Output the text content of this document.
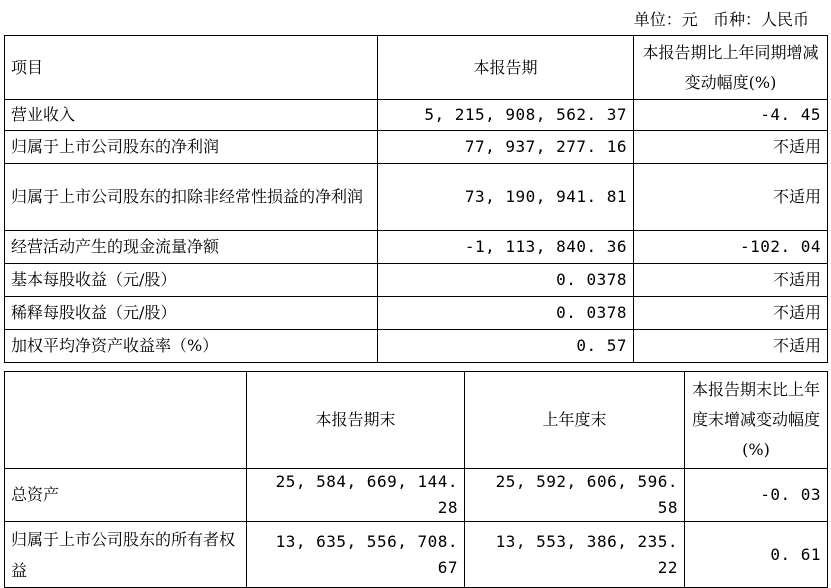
单位：元   币种：人民币
项目	本报告期	本报告期比上年同期增减变动幅度(%)
营业收入	5, 215, 908, 562. 37	-4. 45
归属于上市公司股东的净利润	77, 937, 277. 16	不适用
归属于上市公司股东的扣除非经常性损益的净利润	73, 190, 941. 81	不适用
经营活动产生的现金流量净额	-1, 113, 840. 36	-102. 04
基本每股收益（元/股）	0. 0378	不适用
稀释每股收益（元/股）	0. 0378	不适用
加权平均净资产收益率（%）	0. 57	不适用
	本报告期末	上年度末	本报告期末比上年度末增减变动幅度(%)
总资产	25, 584, 669, 144. 28	25, 592, 606, 596. 58	-0. 03
归属于上市公司股东的所有者权益	13, 635, 556, 708. 67	13, 553, 386, 235. 22	0. 61
